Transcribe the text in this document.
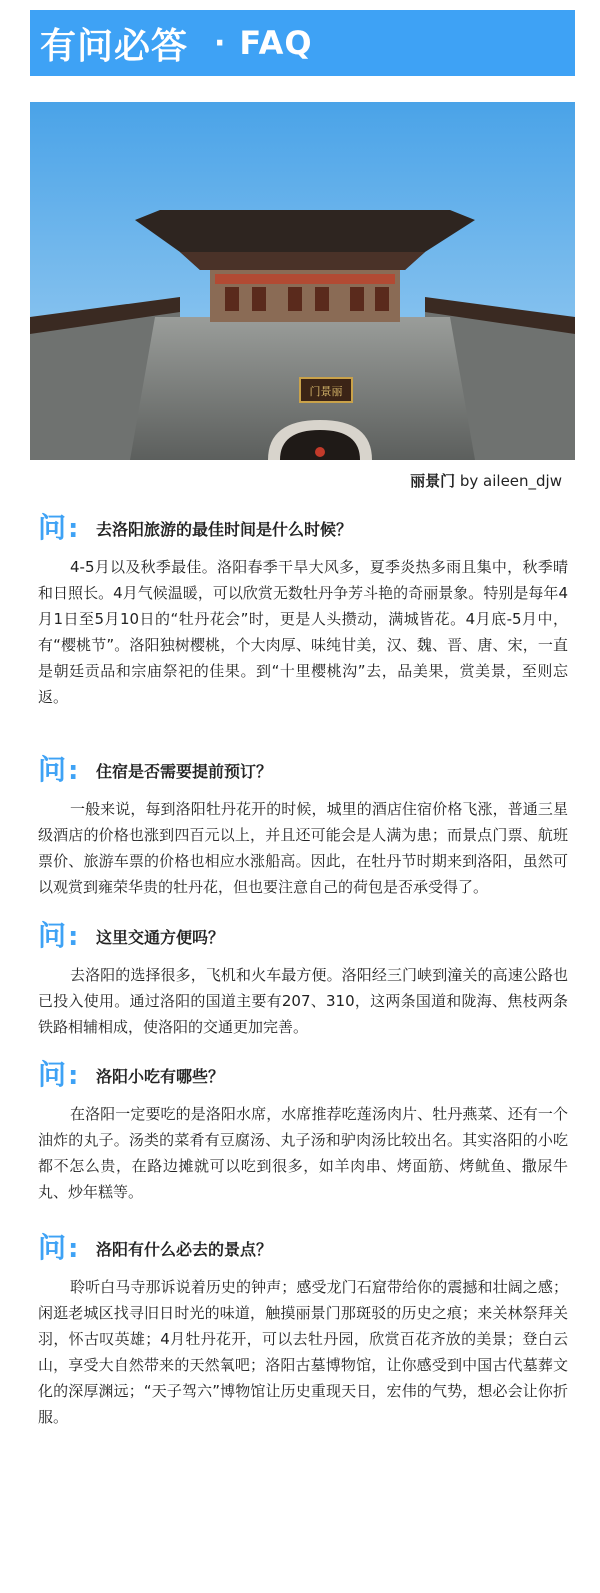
有问必答 · FAQ
门景丽
丽景门 by aileen_djw
问:	去洛阳旅游的最佳时间是什么时候？

4-5月以及秋季最佳。洛阳春季干旱大风多，夏季炎热多雨且集中，秋季晴和日照长。4月气候温暖，可以欣赏无数牡丹争芳斗艳的奇丽景象。特别是每年4月1日至5月10日的“牡丹花会”时，更是人头攒动，满城皆花。4月底-5月中，有“樱桃节”。洛阳独树樱桃，个大肉厚、味纯甘美，汉、魏、晋、唐、宋，一直是朝廷贡品和宗庙祭祀的佳果。到“十里樱桃沟”去，品美果，赏美景，至则忘返。

问:	住宿是否需要提前预订？

一般来说，每到洛阳牡丹花开的时候，城里的酒店住宿价格飞涨，普通三星级酒店的价格也涨到四百元以上，并且还可能会是人满为患；而景点门票、航班票价、旅游车票的价格也相应水涨船高。因此，在牡丹节时期来到洛阳，虽然可以观赏到雍荣华贵的牡丹花，但也要注意自己的荷包是否承受得了。

问:	这里交通方便吗？

去洛阳的选择很多，飞机和火车最方便。洛阳经三门峡到潼关的高速公路也已投入使用。通过洛阳的国道主要有207、310，这两条国道和陇海、焦枝两条铁路相辅相成，使洛阳的交通更加完善。

问:	洛阳小吃有哪些？

在洛阳一定要吃的是洛阳水席，水席推荐吃莲汤肉片、牡丹燕菜、还有一个油炸的丸子。汤类的菜肴有豆腐汤、丸子汤和驴肉汤比较出名。其实洛阳的小吃都不怎么贵，在路边摊就可以吃到很多，如羊肉串、烤面筋、烤鱿鱼、撒尿牛丸、炒年糕等。

问:	洛阳有什么必去的景点？

聆听白马寺那诉说着历史的钟声；感受龙门石窟带给你的震撼和壮阔之感；闲逛老城区找寻旧日时光的味道，触摸丽景门那斑驳的历史之痕；来关林祭拜关羽，怀古叹英雄；4月牡丹花开，可以去牡丹园，欣赏百花齐放的美景；登白云山，享受大自然带来的天然氧吧；洛阳古墓博物馆，让你感受到中国古代墓葬文化的深厚渊远；“天子驾六”博物馆让历史重现天日，宏伟的气势，想必会让你折服。
